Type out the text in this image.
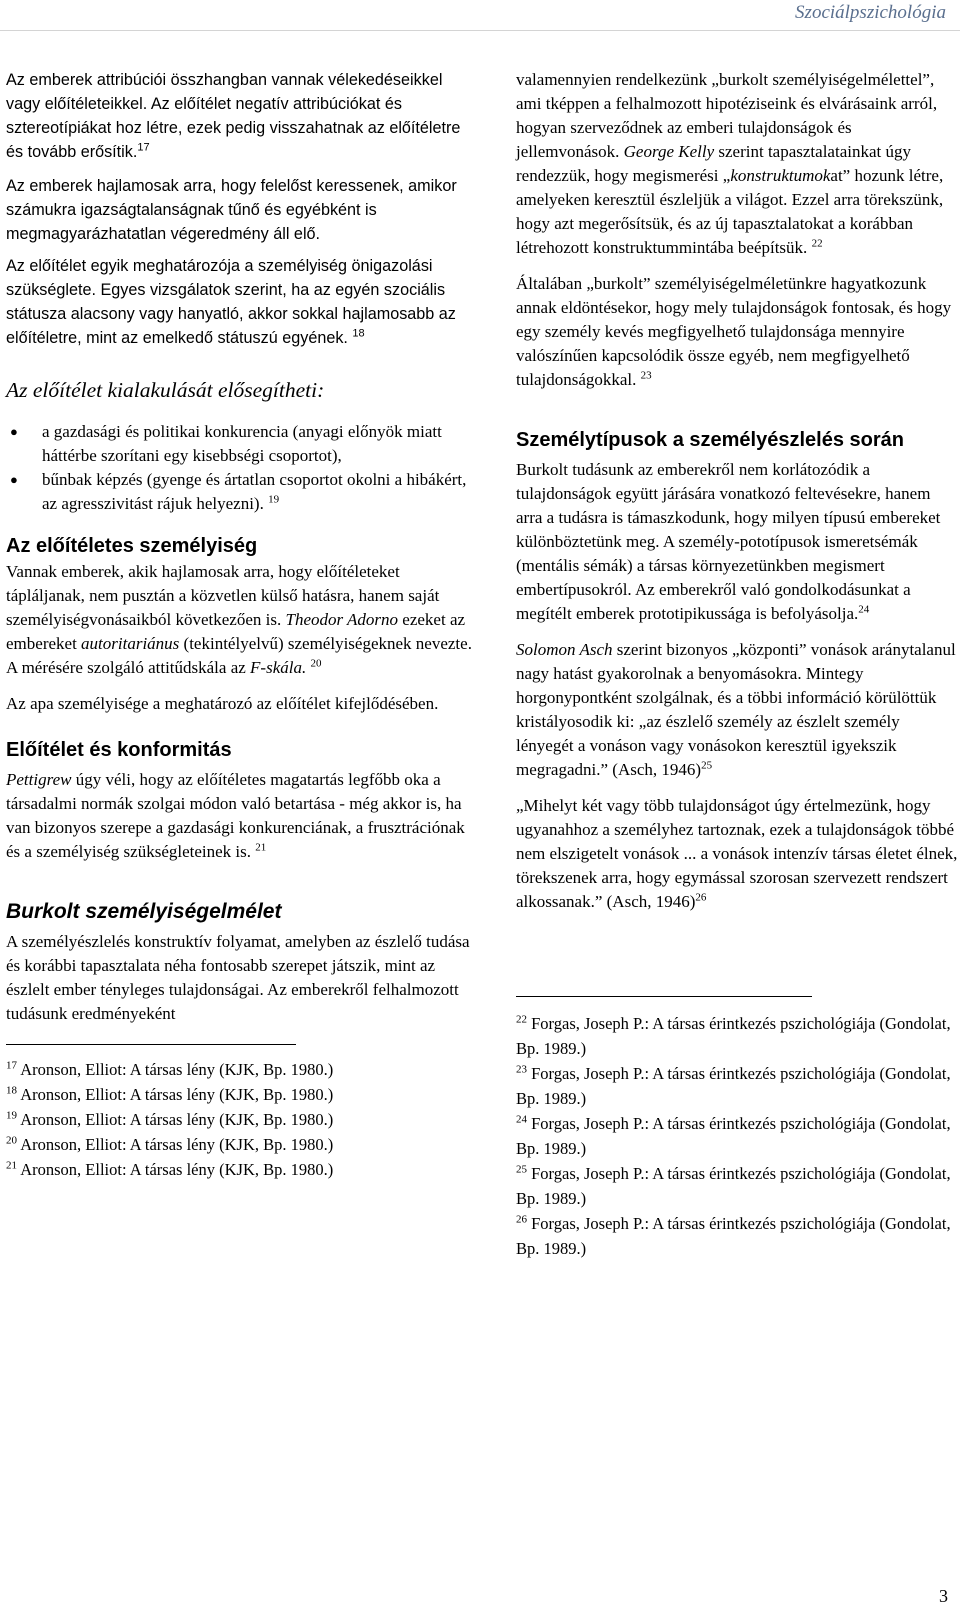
Szociálpszichológia

Az emberek attribúciói összhangban vannak vélekedéseikkel vagy előítéleteikkel. Az előítélet negatív attribúciókat és sztereotípiákat hoz létre, ezek pedig visszahatnak az előítéletre és tovább erősítik.$^{17}$

Az emberek hajlamosak arra, hogy felelőst keressenek, amikor számukra igazságtalanságnak tűnő és egyébként is megmagyarázhatatlan végeredmény áll elő.

Az előítélet egyik meghatározója a személyiség önigazolási szükséglete. Egyes vizsgálatok szerint, ha az egyén szociális státusza alacsony vagy hanyatló, akkor sokkal hajlamosabb az előítéletre, mint az emelkedő státuszú egyének. $^{18}$

Az előítélet kialakulását elősegítheti:
● a gazdasági és politikai konkurencia (anyagi előnyök miatt háttérbe szorítani egy kisebbségi csoportot),
● bűnbak képzés (gyenge és ártatlan csoportot okolni a hibákért, az agresszivitást rájuk helyezni). $^{19}$
Az előítéletes személyiség

Vannak emberek, akik hajlamosak arra, hogy előítéleteket tápláljanak, nem pusztán a közvetlen külső hatásra, hanem saját személyiségvonásaikból következően is. Theodor Adorno ezeket az embereket autoritariánus (tekintélyelvű) személyiségeknek nevezte. A mérésére szolgáló attitűdskála az F-skála. $^{20}$

Az apa személyisége a meghatározó az előítélet kifejlődésében.

Előítélet és konformitás

Pettigrew úgy véli, hogy az előítéletes magatartás legfőbb oka a társadalmi normák szolgai módon való betartása - még akkor is, ha van bizonyos szerepe a gazdasági konkurenciának, a frusztrációnak és a személyiség szükségleteinek is. $^{21}$

Burkolt személyiségelmélet

A személyészlelés konstruktív folyamat, amelyben az észlelő tudása és korábbi tapasztalata néha fontosabb szerepet játszik, mint az észlelt ember tényleges tulajdonságai. Az emberekről felhalmozott tudásunk eredményeként

$^{17}$ Aronson, Elliot: A társas lény (KJK, Bp. 1980.)
$^{18}$ Aronson, Elliot: A társas lény (KJK, Bp. 1980.)
$^{19}$ Aronson, Elliot: A társas lény (KJK, Bp. 1980.)
$^{20}$ Aronson, Elliot: A társas lény (KJK, Bp. 1980.)
$^{21}$ Aronson, Elliot: A társas lény (KJK, Bp. 1980.)

valamennyien rendelkezünk „burkolt személyiségelmélettel”, ami tképpen a felhalmozott hipotéziseink és elvárásaink arról, hogyan szerveződnek az emberi tulajdonságok és jellemvonások. George Kelly szerint tapasztalatainkat úgy rendezzük, hogy megismerési „konstruktumokat” hozunk létre, amelyeken keresztül észleljük a világot. Ezzel arra törekszünk, hogy azt megerősítsük, és az új tapasztalatokat a korábban létrehozott konstruktummintába beépítsük. $^{22}$

Általában „burkolt” személyiségelméletünkre hagyatkozunk annak eldöntésekor, hogy mely tulajdonságok fontosak, és hogy egy személy kevés megfigyelhető tulajdonsága mennyire valószínűen kapcsolódik össze egyéb, nem megfigyelhető tulajdonságokkal. $^{23}$

Személytípusok a személyészlelés során

Burkolt tudásunk az emberekről nem korlátozódik a tulajdonságok együtt járására vonatkozó feltevésekre, hanem arra a tudásra is támaszkodunk, hogy milyen típusú embereket különböztetünk meg. A személy-pototípusok ismeretsémák (mentális sémák) a társas környezetünkben megismert embertípusokról. Az emberekről való gondolkodásunkat a megítélt emberek prototipikussága is befolyásolja.$^{24}$

Solomon Asch szerint bizonyos „központi” vonások aránytalanul nagy hatást gyakorolnak a benyomásokra. Mintegy horgonypontként szolgálnak, és a többi információ körülöttük kristályosodik ki: „az észlelő személy az észlelt személy lényegét a vonáson vagy vonásokon keresztül igyekszik megragadni.” (Asch, 1946)$^{25}$

„Mihelyt két vagy több tulajdonságot úgy értelmezünk, hogy ugyanahhoz a személyhez tartoznak, ezek a tulajdonságok többé nem elszigetelt vonások ... a vonások intenzív társas életet élnek, törekszenek arra, hogy egymással szorosan szervezett rendszert alkossanak.” (Asch, 1946)$^{26}$

$^{22}$ Forgas, Joseph P.: A társas érintkezés pszichológiája (Gondolat, Bp. 1989.)
$^{23}$ Forgas, Joseph P.: A társas érintkezés pszichológiája (Gondolat, Bp. 1989.)
$^{24}$ Forgas, Joseph P.: A társas érintkezés pszichológiája (Gondolat, Bp. 1989.)
$^{25}$ Forgas, Joseph P.: A társas érintkezés pszichológiája (Gondolat, Bp. 1989.)
$^{26}$ Forgas, Joseph P.: A társas érintkezés pszichológiája (Gondolat, Bp. 1989.)
3
